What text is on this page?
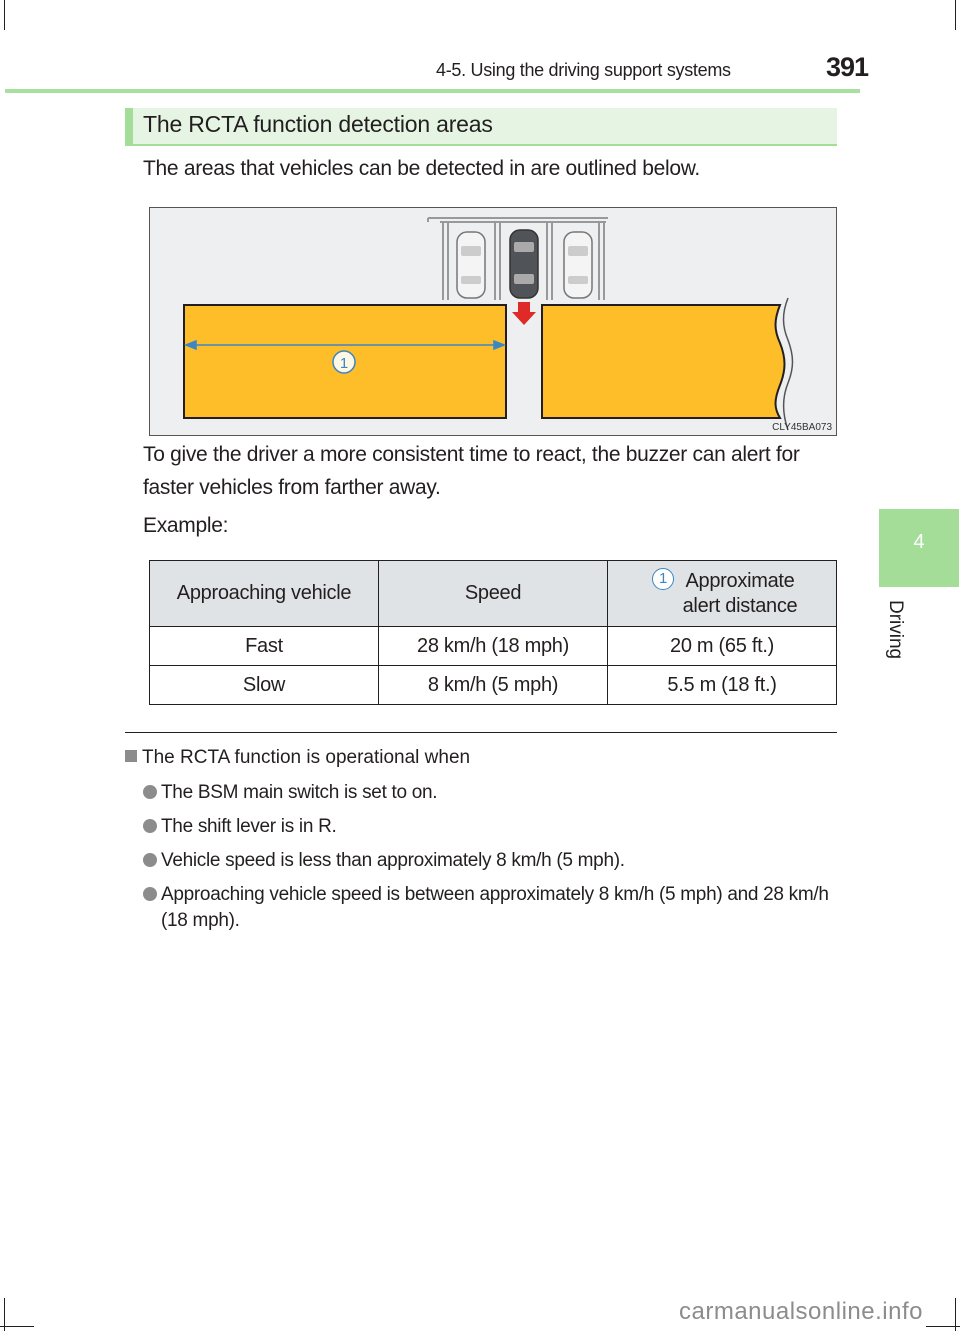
4-5. Using the driving support systems	391
4
Driving
The RCTA function detection areas
The areas that vehicles can be detected in are outlined below.
1
CLY45BA073
To give the driver a more consistent time to react, the buzzer can alert for faster vehicles from farther away.
Example:
Approaching vehicle	Speed	1 Approximate
alert distance
Fast	28 km/h (18 mph)	20 m (65 ft.)
Slow	8 km/h (5 mph)	5.5 m (18 ft.)
The RCTA function is operational when
The BSM main switch is set to on.
The shift lever is in R.
Vehicle speed is less than approximately 8 km/h (5 mph).
Approaching vehicle speed is between approximately 8 km/h (5 mph) and 28 km/h (18 mph).
carmanualsonline.info
